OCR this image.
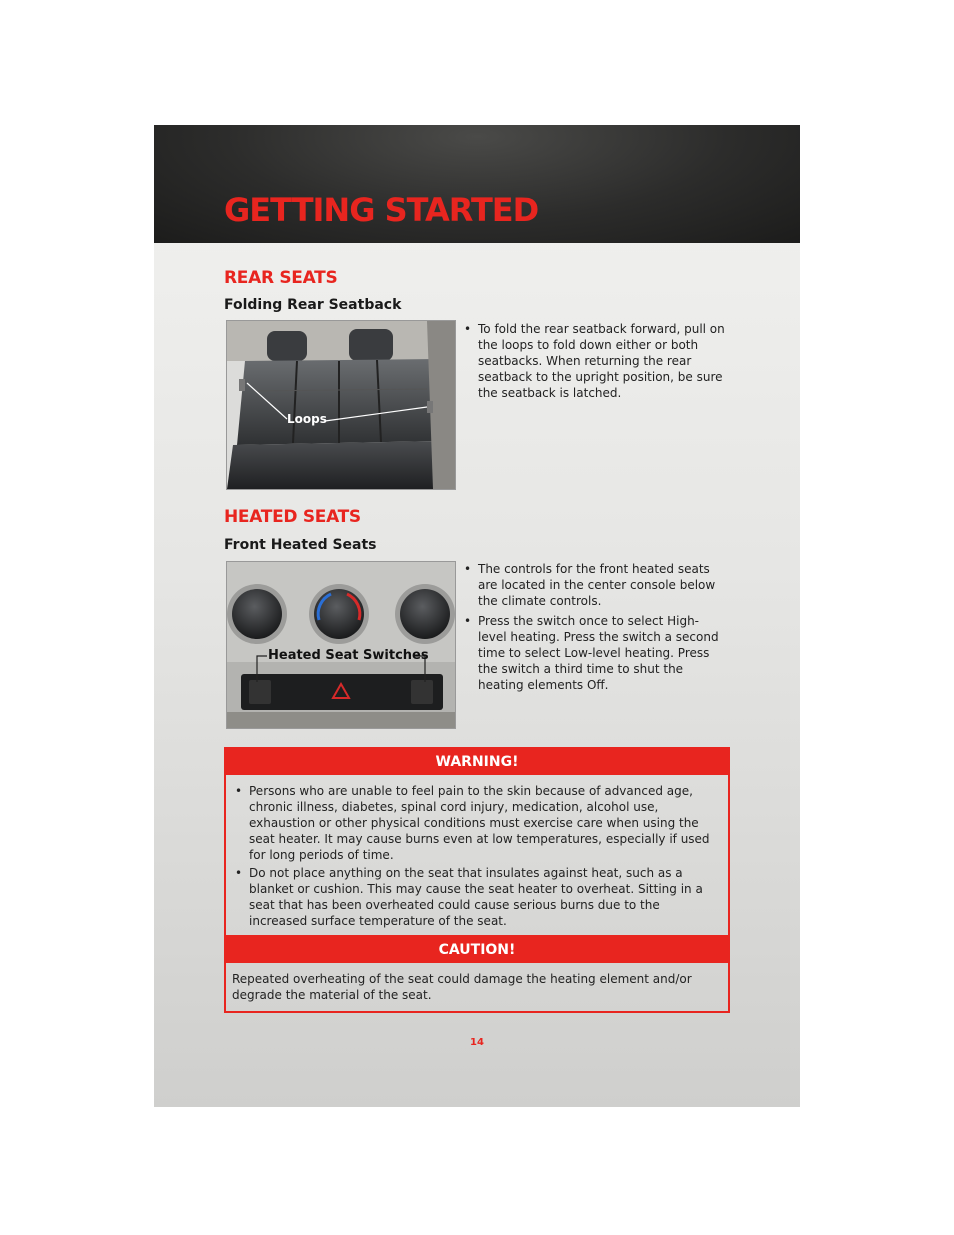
GETTING STARTED
REAR SEATS
Folding Rear Seatback
Loops
• To fold the rear seatback forward, pull on the loops to fold down either or both seatbacks. When returning the rear seatback to the upright position, be sure the seatback is latched.
HEATED SEATS
Front Heated Seats
Heated Seat Switches
• The controls for the front heated seats are located in the center console below the climate controls.
• Press the switch once to select High-level heating. Press the switch a second time to select Low-level heating. Press the switch a third time to shut the heating elements Off.
WARNING!
• Persons who are unable to feel pain to the skin because of advanced age, chronic illness, diabetes, spinal cord injury, medication, alcohol use, exhaustion or other physical conditions must exercise care when using the seat heater. It may cause burns even at low temperatures, especially if used for long periods of time.
• Do not place anything on the seat that insulates against heat, such as a blanket or cushion. This may cause the seat heater to overheat. Sitting in a seat that has been overheated could cause serious burns due to the increased surface temperature of the seat.
CAUTION!
Repeated overheating of the seat could damage the heating element and/or degrade the material of the seat.
14
